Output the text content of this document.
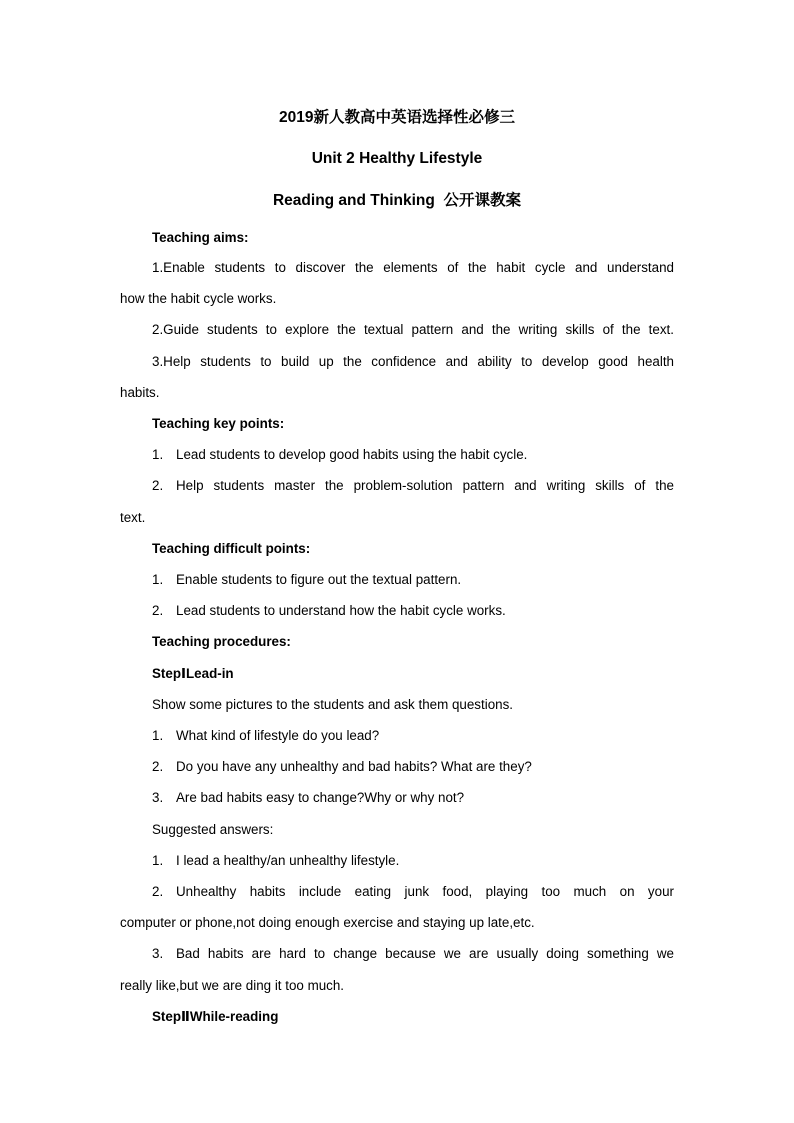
2019新人教高中英语选择性必修三
Unit 2 Healthy Lifestyle
Reading and Thinking  公开课教案
Teaching aims:
1.Enable students to discover the elements of the habit cycle and understand
how the habit cycle works.
2.Guide students to explore the textual pattern and the writing skills of the text.
3.Help students to build up the confidence and ability to develop good health
habits.
Teaching key points:
1. Lead students to develop good habits using the habit cycle.
2. Help students master the problem-solution pattern and writing skills of the
text.
Teaching difficult points:
1. Enable students to figure out the textual pattern.
2. Lead students to understand how the habit cycle works.
Teaching procedures:
StepⅠLead-in
Show some pictures to the students and ask them questions.
1. What kind of lifestyle do you lead?
2. Do you have any unhealthy and bad habits? What are they?
3. Are bad habits easy to change?Why or why not?
Suggested answers:
1. I lead a healthy/an unhealthy lifestyle.
2. Unhealthy habits include eating junk food, playing too much on your
computer or phone,not doing enough exercise and staying up late,etc.
3. Bad habits are hard to change because we are usually doing something we
really like,but we are ding it too much.
StepⅡWhile-reading
